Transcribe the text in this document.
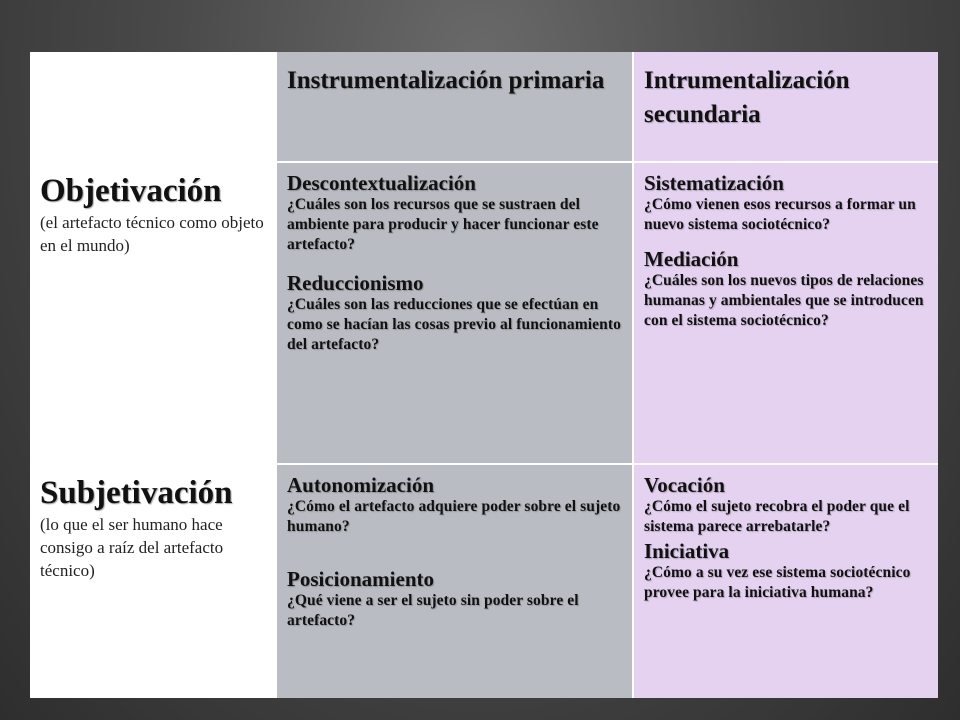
Instrumentalización primaria	Intrumentalización secundaria
Objetivación
(el artefacto técnico como objeto en el mundo)
Descontextualización
¿Cuáles son los recursos que se sustraen del ambiente para producir y hacer funcionar este artefacto?
Reduccionismo
¿Cuáles son las reducciones que se efectúan en como se hacían las cosas previo al funcionamiento del artefacto?
Sistematización
¿Cómo vienen esos recursos a formar un nuevo sistema sociotécnico?
Mediación
¿Cuáles son los nuevos tipos de relaciones humanas y ambientales que se introducen con el sistema sociotécnico?
Subjetivación
(lo que el ser humano hace consigo a raíz del artefacto técnico)
Autonomización
¿Cómo el artefacto adquiere poder sobre el sujeto humano?
Posicionamiento
¿Qué viene a ser el sujeto sin poder sobre el artefacto?
Vocación
¿Cómo el sujeto recobra el poder que el sistema parece arrebatarle?
Iniciativa
¿Cómo a su vez ese sistema sociotécnico provee para la iniciativa humana?
